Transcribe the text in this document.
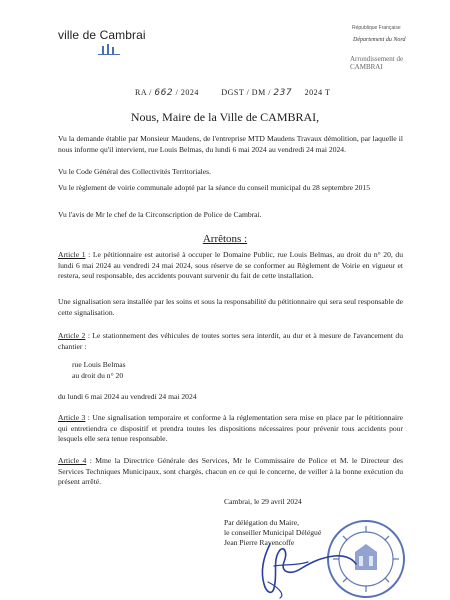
ville de Cambrai	République Française
Département du Nord
Arrondissement de CAMBRAI
RA / 662 / 2024	DGST / DM / 237 2024 T
Nous, Maire de la Ville de CAMBRAI,
Vu la demande établie par Monsieur Maudens, de l'entreprise MTD Maudens Travaux démolition, par laquelle il nous informe qu'il intervient, rue Louis Belmas, du lundi 6 mai 2024 au vendredi 24 mai 2024.
Vu le Code Général des Collectivités Territoriales.
Vu le règlement de voirie communale adopté par la séance du conseil municipal du 28 septembre 2015
Vu l'avis de Mr le chef de la Circonscription de Police de Cambrai.
Arrêtons :
Article 1 : Le pétitionnaire est autorisé à occuper le Domaine Public, rue Louis Belmas, au droit du n° 20, du lundi 6 mai 2024 au vendredi 24 mai 2024, sous réserve de se conformer au Règlement de Voirie en vigueur et restera, seul responsable, des accidents pouvant survenir du fait de cette installation.
Une signalisation sera installée par les soins et sous la responsabilité du pétitionnaire qui sera seul responsable de cette signalisation.
Article 2 : Le stationnement des véhicules de toutes sortes sera interdit, au dur et à mesure de l'avancement du chantier :
rue Louis Belmas
au droit du n° 20
du lundi 6 mai 2024 au vendredi 24 mai 2024
Article 3 : Une signalisation temporaire et conforme à la réglementation sera mise en place par le pétitionnaire qui entretiendra ce dispositif et prendra toutes les dispositions nécessaires pour prévenir tous accidents pour lesquels elle sera tenue responsable.
Article 4 : Mme la Directrice Générale des Services, Mr le Commissaire de Police et M. le Directeur des Services Techniques Municipaux, sont chargés, chacun en ce qui le concerne, de veiller à la bonne exécution du présent arrêté.
Cambrai, le 29 avril 2024
Par délégation du Maire,
le conseiller Municipal Délégué
Jean Pierre Ravencoffe
